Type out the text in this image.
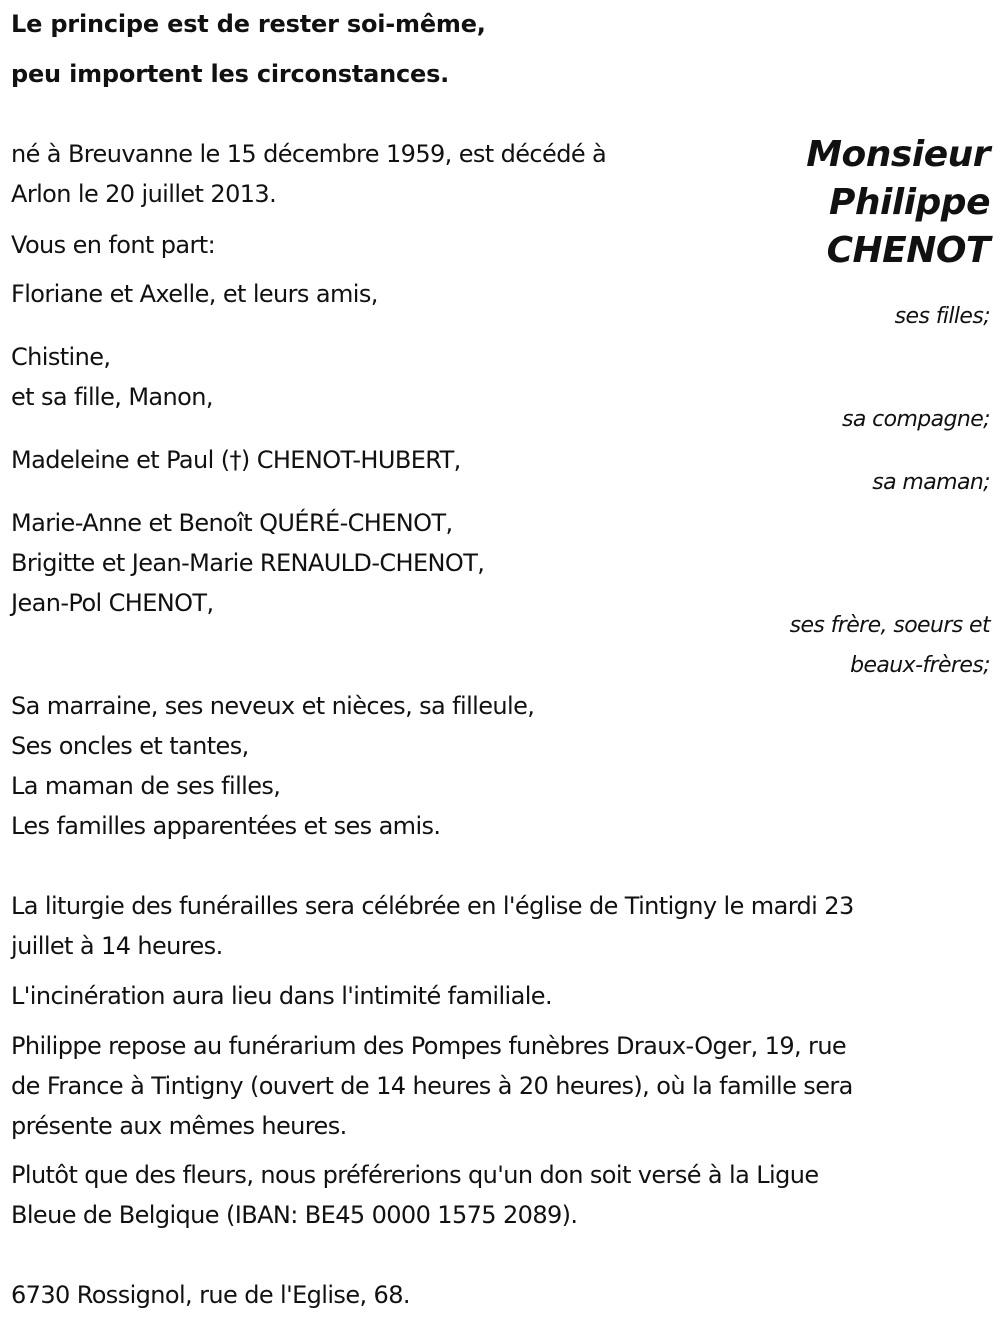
Le principe est de rester soi-même,
peu importent les circonstances.
Monsieur
Philippe
CHENOT
né à Breuvanne le 15 décembre 1959, est décédé à
Arlon le 20 juillet 2013.
Vous en font part:
Floriane et Axelle, et leurs amis,
ses filles;
Chistine,
et sa fille, Manon,
sa compagne;
Madeleine et Paul (†) CHENOT-HUBERT,
sa maman;
Marie-Anne et Benoît QUÉRÉ-CHENOT,
Brigitte et Jean-Marie RENAULD-CHENOT,
Jean-Pol CHENOT,
ses frère, soeurs et
beaux-frères;
Sa marraine, ses neveux et nièces, sa filleule,
Ses oncles et tantes,
La maman de ses filles,
Les familles apparentées et ses amis.
La liturgie des funérailles sera célébrée en l'église de Tintigny le mardi 23
juillet à 14 heures.
L'incinération aura lieu dans l'intimité familiale.
Philippe repose au funérarium des Pompes funèbres Draux-Oger, 19, rue
de France à Tintigny (ouvert de 14 heures à 20 heures), où la famille sera
présente aux mêmes heures.
Plutôt que des fleurs, nous préférerions qu'un don soit versé à la Ligue
Bleue de Belgique (IBAN: BE45 0000 1575 2089).
6730 Rossignol, rue de l'Eglise, 68.
